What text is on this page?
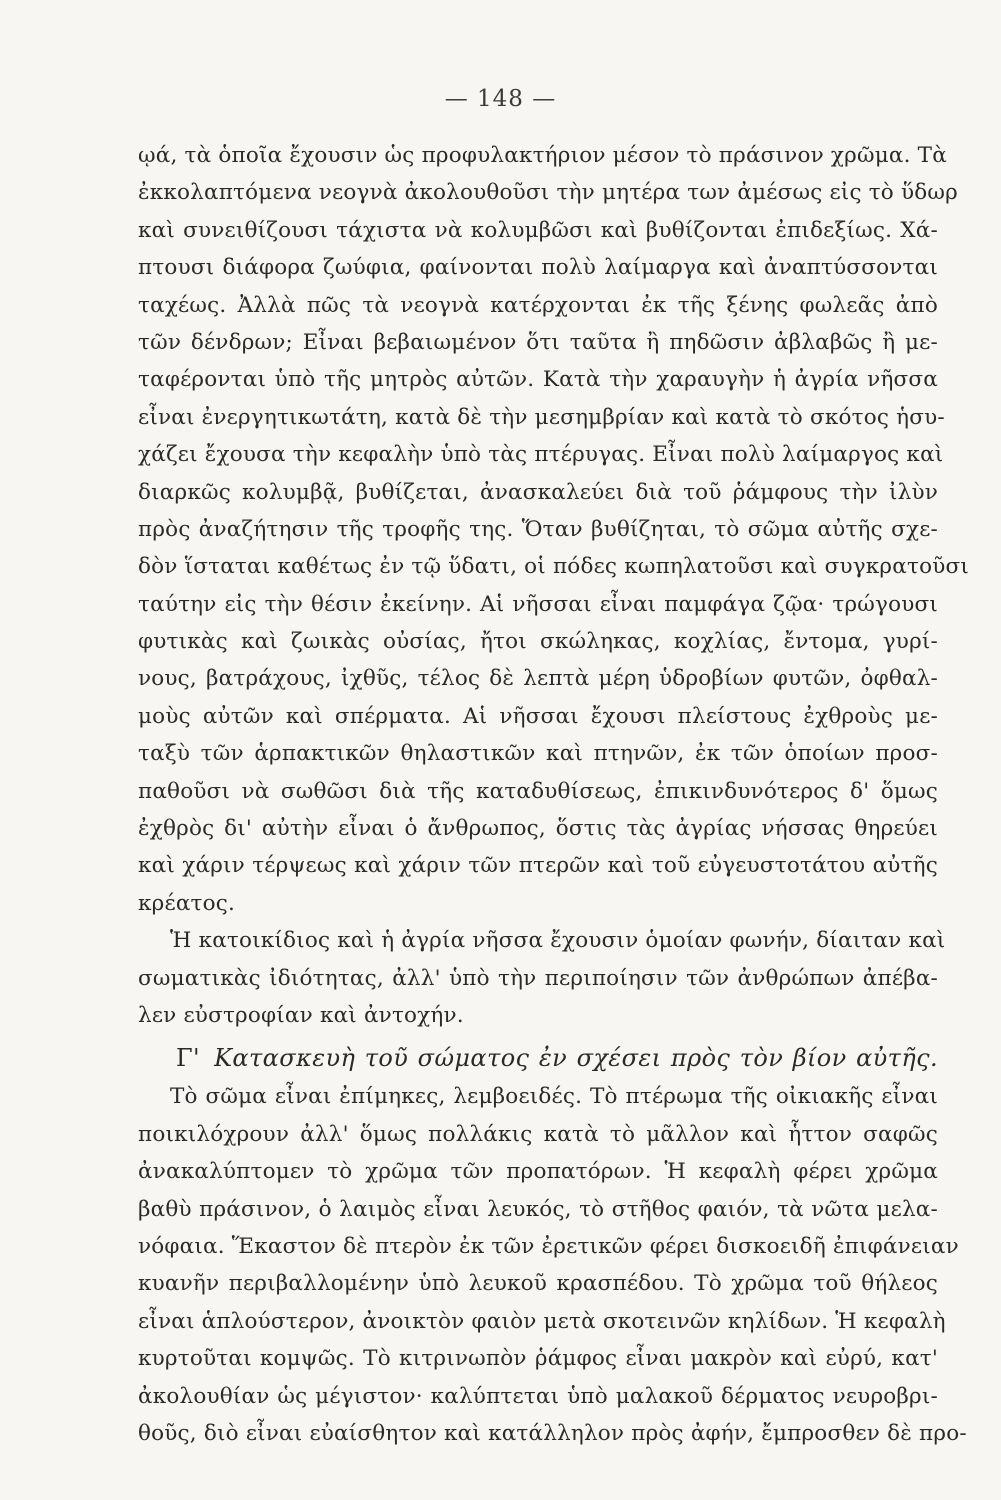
— 148 —
ῳά, τὰ ὁποῖα ἔχουσιν ὡς προφυλακτήριον μέσον τὸ πράσινον χρῶμα. Τὰ
ἐκκολαπτόμενα νεογνὰ ἀκολουθοῦσι τὴν μητέρα των ἀμέσως εἰς τὸ ὕδωρ
καὶ συνειθίζουσι τάχιστα νὰ κολυμβῶσι καὶ βυθίζονται ἐπιδεξίως. Χά-
πτουσι διάφορα ζωύφια, φαίνονται πολὺ λαίμαργα καὶ ἀναπτύσσονται
ταχέως. Ἀλλὰ πῶς τὰ νεογνὰ κατέρχονται ἐκ τῆς ξένης φωλεᾶς ἀπὸ
τῶν δένδρων; Εἶναι βεβαιωμένον ὅτι ταῦτα ἢ πηδῶσιν ἀβλαβῶς ἢ με-
ταφέρονται ὑπὸ τῆς μητρὸς αὐτῶν. Κατὰ τὴν χαραυγὴν ἡ ἀγρία νῆσσα
εἶναι ἐνεργητικωτάτη, κατὰ δὲ τὴν μεσημβρίαν καὶ κατὰ τὸ σκότος ἡσυ-
χάζει ἔχουσα τὴν κεφαλὴν ὑπὸ τὰς πτέρυγας. Εἶναι πολὺ λαίμαργος καὶ
διαρκῶς κολυμβᾷ, βυθίζεται, ἀνασκαλεύει διὰ τοῦ ῥάμφους τὴν ἰλὺν
πρὸς ἀναζήτησιν τῆς τροφῆς της. Ὅταν βυθίζηται, τὸ σῶμα αὐτῆς σχε-
δὸν ἵσταται καθέτως ἐν τῷ ὕδατι, οἱ πόδες κωπηλατοῦσι καὶ συγκρατοῦσι
ταύτην εἰς τὴν θέσιν ἐκείνην. Αἱ νῆσσαι εἶναι παμφάγα ζῷα· τρώγουσι
φυτικὰς καὶ ζωικὰς οὐσίας, ἤτοι σκώληκας, κοχλίας, ἔντομα, γυρί-
νους, βατράχους, ἰχθῦς, τέλος δὲ λεπτὰ μέρη ὑδροβίων φυτῶν, ὀφθαλ-
μοὺς αὐτῶν καὶ σπέρματα. Αἱ νῆσσαι ἔχουσι πλείστους ἐχθροὺς με-
ταξὺ τῶν ἁρπακτικῶν θηλαστικῶν καὶ πτηνῶν, ἐκ τῶν ὁποίων προσ-
παθοῦσι νὰ σωθῶσι διὰ τῆς καταδυθίσεως, ἐπικινδυνότερος δ' ὅμως
ἐχθρὸς δι' αὐτὴν εἶναι ὁ ἄνθρωπος, ὅστις τὰς ἀγρίας νήσσας θηρεύει
καὶ χάριν τέρψεως καὶ χάριν τῶν πτερῶν καὶ τοῦ εὐγευστοτάτου αὐτῆς
κρέατος.
Ἡ κατοικίδιος καὶ ἡ ἀγρία νῆσσα ἔχουσιν ὁμοίαν φωνήν, δίαιταν καὶ
σωματικὰς ἰδιότητας, ἀλλ' ὑπὸ τὴν περιποίησιν τῶν ἀνθρώπων ἀπέβα-
λεν εὐστροφίαν καὶ ἀντοχήν.
Γ' Κατασκευὴ τοῦ σώματος ἐν σχέσει πρὸς τὸν βίον αὐτῆς.
Τὸ σῶμα εἶναι ἐπίμηκες, λεμβοειδές. Τὸ πτέρωμα τῆς οἰκιακῆς εἶναι
ποικιλόχρουν ἀλλ' ὅμως πολλάκις κατὰ τὸ μᾶλλον καὶ ἧττον σαφῶς
ἀνακαλύπτομεν τὸ χρῶμα τῶν προπατόρων. Ἡ κεφαλὴ φέρει χρῶμα
βαθὺ πράσινον, ὁ λαιμὸς εἶναι λευκός, τὸ στῆθος φαιόν, τὰ νῶτα μελα-
νόφαια. Ἕκαστον δὲ πτερὸν ἐκ τῶν ἐρετικῶν φέρει δισκοειδῆ ἐπιφάνειαν
κυανῆν περιβαλλομένην ὑπὸ λευκοῦ κρασπέδου. Τὸ χρῶμα τοῦ θήλεος
εἶναι ἁπλούστερον, ἀνοικτὸν φαιὸν μετὰ σκοτεινῶν κηλίδων. Ἡ κεφαλὴ
κυρτοῦται κομψῶς. Τὸ κιτρινωπὸν ῥάμφος εἶναι μακρὸν καὶ εὐρύ, κατ'
ἀκολουθίαν ὡς μέγιστον· καλύπτεται ὑπὸ μαλακοῦ δέρματος νευροβρι-
θοῦς, διὸ εἶναι εὐαίσθητον καὶ κατάλληλον πρὸς ἀφήν, ἔμπροσθεν δὲ προ-
